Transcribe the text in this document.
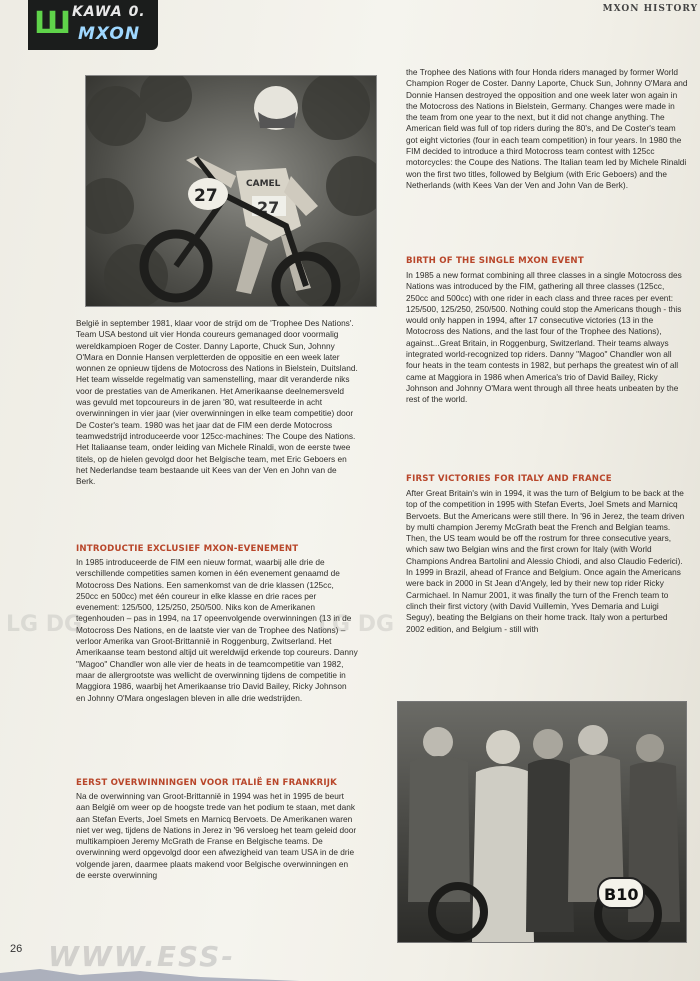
Ш KAWA 0.
MXON
MXON HISTORY
27
CAMEL
27

België in september 1981, klaar voor de strijd om de 'Trophee Des Nations'. Team USA bestond uit vier Honda coureurs gemanaged door voormalig wereldkampioen Roger de Coster. Danny Laporte, Chuck Sun, Johnny O'Mara en Donnie Hansen verpletterden de oppositie en een week later wonnen ze opnieuw tijdens de Motocross des Nations in Bielstein, Duitsland. Het team wisselde regelmatig van samenstelling, maar dit veranderde niks voor de prestaties van de Amerikanen. Het Amerikaanse deelnemersveld was gevuld met topcoureurs in de jaren '80, wat resulteerde in acht overwinningen in vier jaar (vier overwinningen in elke team competitie) door De Coster's team. 1980 was het jaar dat de FIM een derde Motocross teamwedstrijd introduceerde voor 125cc-machines: The Coupe des Nations. Het Italiaanse team, onder leiding van Michele Rinaldi, won de eerste twee titels, op de hielen gevolgd door het Belgische team, met Eric Geboers en het Nederlandse team bestaande uit Kees van der Ven en John van de Berk.

INTRODUCTIE EXCLUSIEF MXON-EVENEMENT

In 1985 introduceerde de FIM een nieuw format, waarbij alle drie de verschillende competities samen komen in één evenement genaamd de Motocross Des Nations. Een samenkomst van de drie klassen (125cc, 250cc en 500cc) met één coureur in elke klasse en drie races per evenement: 125/500, 125/250, 250/500. Niks kon de Amerikanen tegenhouden – pas in 1994, na 17 opeenvolgende overwinningen (13 in de Motocross Des Nations, en de laatste vier van de Trophee des Nations) – verloor Amerika van Groot-Brittannië in Roggenburg, Zwitserland. Het Amerikaanse team bestond altijd uit wereldwijd erkende top coureurs. Danny "Magoo" Chandler won alle vier de heats in de teamcompetitie van 1982, maar de allergrootste was wellicht de overwinning tijdens de competitie in Maggiora 1986, waarbij het Amerikaanse trio David Bailey, Ricky Johnson en Johnny O'Mara ongeslagen bleven in alle drie wedstrijden.

EERST OVERWINNINGEN VOOR ITALIË EN FRANKRIJK

Na de overwinning van Groot-Brittannië in 1994 was het in 1995 de beurt aan België om weer op de hoogste trede van het podium te staan, met dank aan Stefan Everts, Joel Smets en Marnicq Bervoets. De Amerikanen waren niet ver weg, tijdens de Nations in Jerez in '96 versloeg het team geleid door multikampioen Jeremy McGrath de Franse en Belgische teams. De overwinning werd opgevolgd door een afwezigheid van team USA in de drie volgende jaren, daarmee plaats makend voor Belgische overwinningen en de eerste overwinning

the Trophee des Nations with four Honda riders managed by former World Champion Roger de Coster. Danny Laporte, Chuck Sun, Johnny O'Mara and Donnie Hansen destroyed the opposition and one week later won again in the Motocross des Nations in Bielstein, Germany. Changes were made in the team from one year to the next, but it did not change anything. The American field was full of top riders during the 80's, and De Coster's team got eight victories (four in each team competition) in four years. In 1980 the FIM decided to introduce a third Motocross team contest with 125cc motorcycles: the Coupe des Nations. The Italian team led by Michele Rinaldi won the first two titles, followed by Belgium (with Eric Geboers) and the Netherlands (with Kees Van der Ven and John Van de Berk).

BIRTH OF THE SINGLE MXON EVENT

In 1985 a new format combining all three classes in a single Motocross des Nations was introduced by the FIM, gathering all three classes (125cc, 250cc and 500cc) with one rider in each class and three races per event: 125/500, 125/250, 250/500. Nothing could stop the Americans though - this would only happen in 1994, after 17 consecutive victories (13 in the Motocross des Nations, and the last four of the Trophee des Nations), against...Great Britain, in Roggenburg, Switzerland. Their teams always integrated world-recognized top riders. Danny "Magoo" Chandler won all four heats in the team contests in 1982, but perhaps the greatest win of all came at Maggiora in 1986 when America's trio of David Bailey, Ricky Johnson and Johnny O'Mara went through all three heats unbeaten by the rest of the world.

FIRST VICTORIES FOR ITALY AND FRANCE

After Great Britain's win in 1994, it was the turn of Belgium to be back at the top of the competition in 1995 with Stefan Everts, Joel Smets and Marnicq Bervoets. But the Americans were still there. In '96 in Jerez, the team driven by multi champion Jeremy McGrath beat the French and Belgian teams. Then, the US team would be off the rostrum for three consecutive years, which saw two Belgian wins and the first crown for Italy (with World Champions Andrea Bartolini and Alessio Chiodi, and also Claudio Federici). In 1999 in Brazil, ahead of France and Belgium. Once again the Americans were back in 2000 in St Jean d'Angely, led by their new top rider Ricky Carmichael. In Namur 2001, it was finally the turn of the French team to clinch their first victory (with David Vuillemin, Yves Demaria and Luigi Seguy), beating the Belgians on their home track. Italy won a perturbed 2002 edition, and Belgium - still with

B10
LG DG	LG DG
WWW.ESS-
26
